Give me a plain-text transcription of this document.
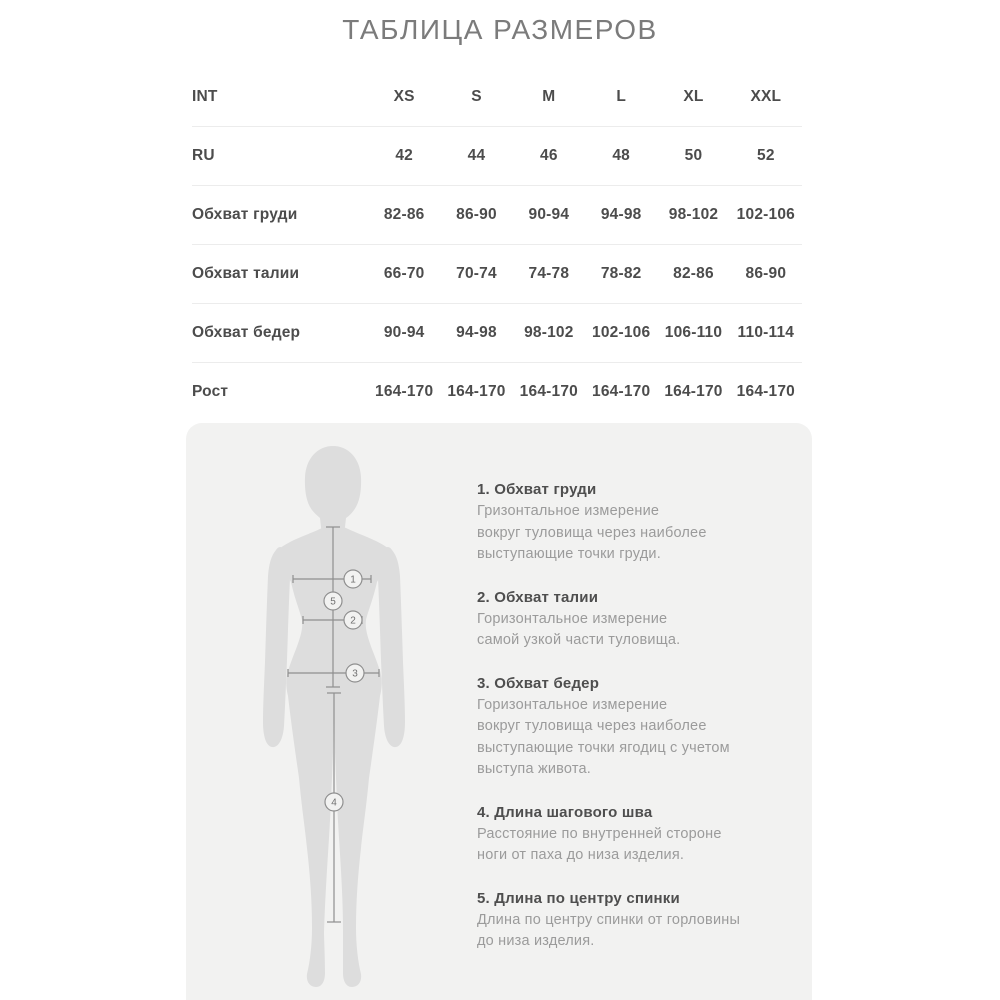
ТАБЛИЦА РАЗМЕРОВ
INT	XS	S	M	L	XL	XXL
RU	42	44	46	48	50	52
Обхват груди	82-86	86-90	90-94	94-98	98-102	102-106
Обхват талии	66-70	70-74	74-78	78-82	82-86	86-90
Обхват бедер	90-94	94-98	98-102	102-106 106-110 110-114
Рост	164-170 164-170 164-170 164-170 164-170 164-170
1
5
2
3
4
1. Обхват груди
Гризонтальное измерение
вокруг туловища через наиболее
выступающие точки груди.
2. Обхват талии
Горизонтальное измерение
самой узкой части туловища.
3. Обхват бедер
Горизонтальное измерение
вокруг туловища через наиболее
выступающие точки ягодиц с учетом
выступа живота.
4. Длина шагового шва
Расстояние по внутренней стороне
ноги от паха до низа изделия.
5. Длина по центру спинки
Длина по центру спинки от горловины
до низа изделия.
